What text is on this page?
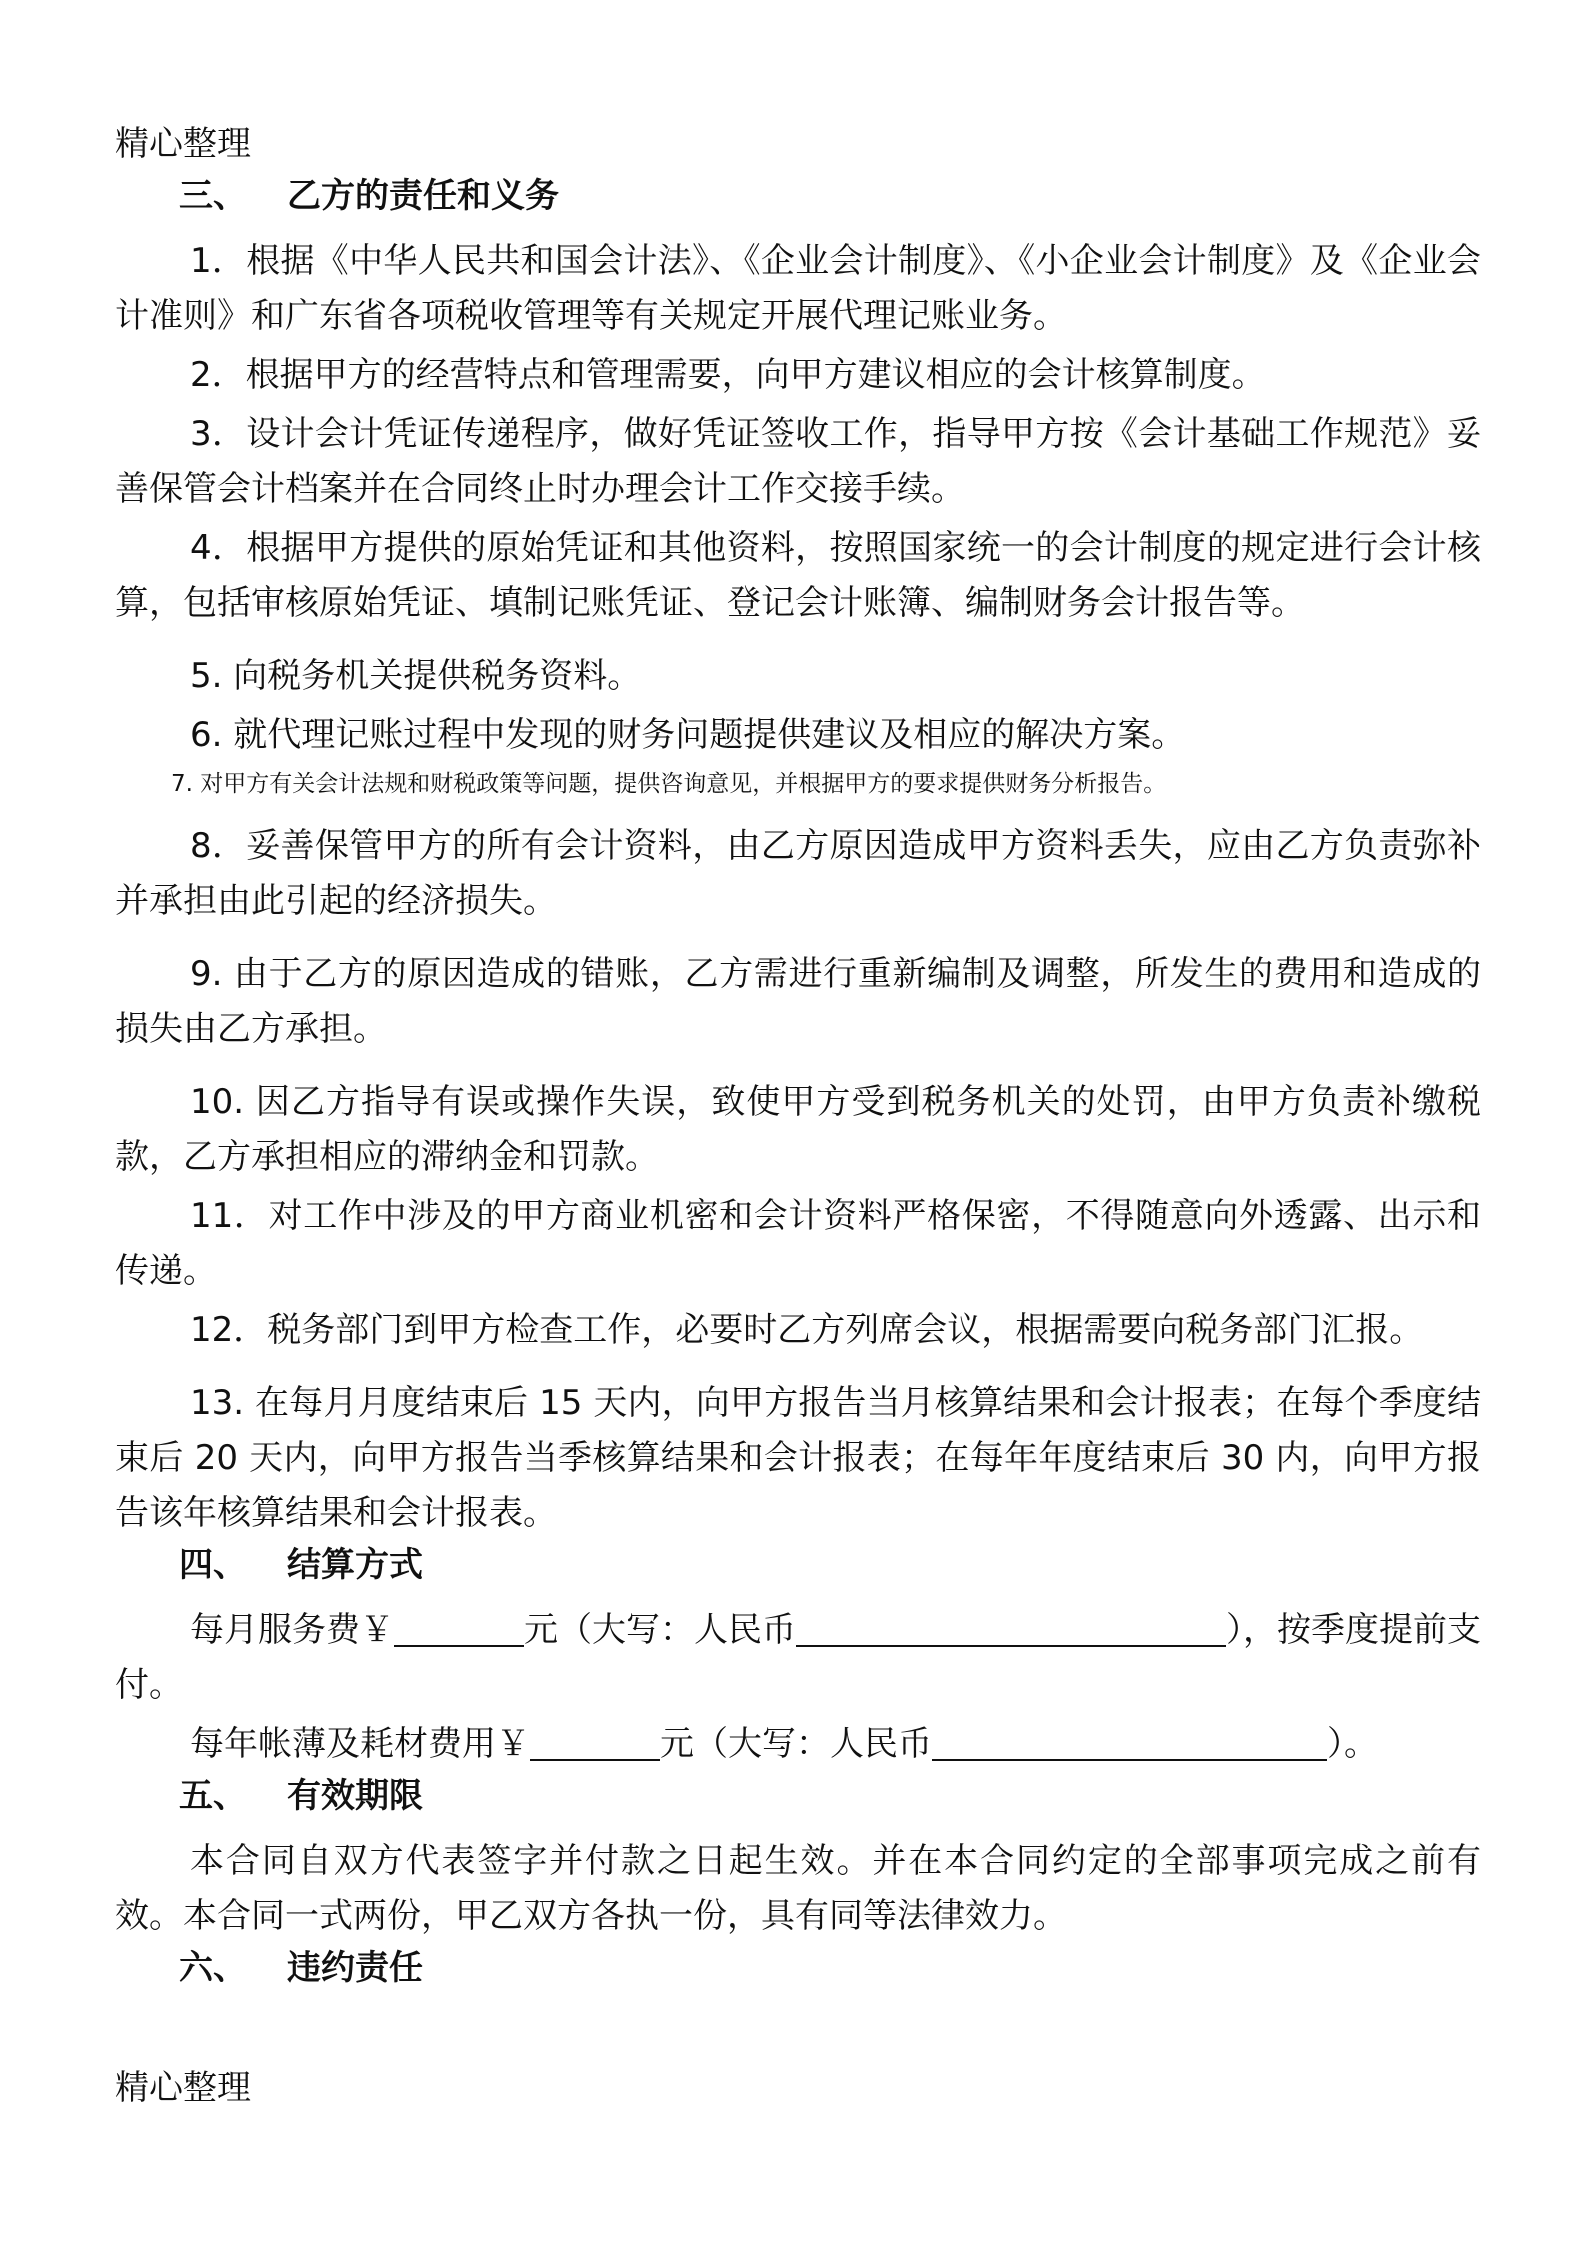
精心整理
三、 乙方的责任和义务
1．根据《中华人民共和国会计法》、《企业会计制度》、《小企业会计制度》及《企业会计准则》和广东省各项税收管理等有关规定开展代理记账业务。
2．根据甲方的经营特点和管理需要，向甲方建议相应的会计核算制度。
3．设计会计凭证传递程序，做好凭证签收工作，指导甲方按《会计基础工作规范》妥善保管会计档案并在合同终止时办理会计工作交接手续。
4．根据甲方提供的原始凭证和其他资料，按照国家统一的会计制度的规定进行会计核算，包括审核原始凭证、填制记账凭证、登记会计账簿、编制财务会计报告等。
5. 向税务机关提供税务资料。
6. 就代理记账过程中发现的财务问题提供建议及相应的解决方案。
7. 对甲方有关会计法规和财税政策等问题，提供咨询意见，并根据甲方的要求提供财务分析报告。
8．妥善保管甲方的所有会计资料，由乙方原因造成甲方资料丢失，应由乙方负责弥补并承担由此引起的经济损失。
9. 由于乙方的原因造成的错账，乙方需进行重新编制及调整，所发生的费用和造成的损失由乙方承担。
10. 因乙方指导有误或操作失误，致使甲方受到税务机关的处罚，由甲方负责补缴税款，乙方承担相应的滞纳金和罚款。
11．对工作中涉及的甲方商业机密和会计资料严格保密，不得随意向外透露、出示和传递。
12．税务部门到甲方检查工作，必要时乙方列席会议，根据需要向税务部门汇报。
13. 在每月月度结束后 15 天内，向甲方报告当月核算结果和会计报表；在每个季度结束后 20 天内，向甲方报告当季核算结果和会计报表；在每年年度结束后 30 内，向甲方报告该年核算结果和会计报表。
四、 结算方式
每月服务费￥	元（大写：人民币	），按季度提前支付。
每年帐薄及耗材费用￥	元（大写：人民币	）。
五、 有效期限
本合同自双方代表签字并付款之日起生效。并在本合同约定的全部事项完成之前有效。本合同一式两份，甲乙双方各执一份，具有同等法律效力。
六、 违约责任
精心整理
